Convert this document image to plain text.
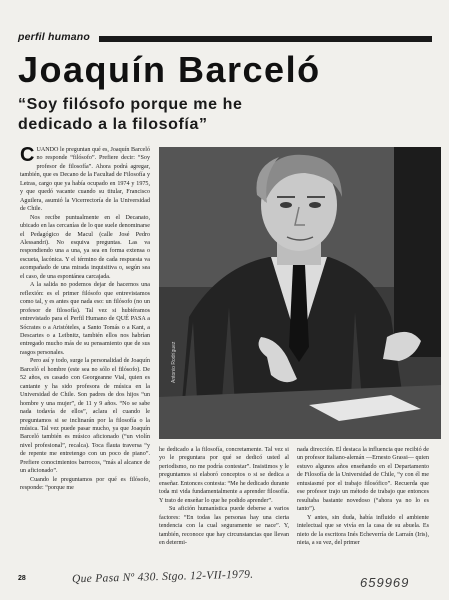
perfil humano
Joaquín Barceló
“Soy filósofo porque me he dedicado a la filosofía”

CUANDO le preguntan qué es, Joaquín Barceló no responde “filósofo”. Prefiere decir: “Soy profesor de filosofía”. Ahora podrá agregar, también, que es Decano de la Facultad de Filosofía y Letras, cargo que ya había ocupado en 1974 y 1975, y que quedó vacante cuando su titular, Francisco Aguilera, asumió la Vicerrectoría de la Universidad de Chile.

Nos recibe puntualmente en el Decanato, ubicado en las cercanías de lo que suele denominarse el Pedagógico de Macul (calle José Pedro Alessandri). No esquiva preguntas. Las va respondiendo una a una, ya sea en forma extensa o escueta, lacónica. Y el término de cada respuesta va acompañado de una mirada inquisitiva o, según sea el caso, de una espontánea carcajada.

A la salida no podemos dejar de hacernos una reflexión: es el primer filósofo que entrevistamos como tal, y es antes que nada eso: un filósofo (no un profesor de filosofía). Tal vez si hubiéramos entrevistado para el Perfil Humano de QUÉ PASA a Sócrates o a Aristóteles, a Santo Tomás o a Kant, a Descartes o a Leibnitz, también ellos nos habrían entregado mucho más de su pensamiento que de sus rasgos personales.

Pero así y todo, surge la personalidad de Joaquín Barceló el hombre (este sea no sólo el filósofo). De 52 años, es casado con Georgeanne Vial, quien es cantante y ha sido profesora de música en la Universidad de Chile. Son padres de dos hijos “un hombre y una mujer”, de 11 y 9 años. “No se sabe nada todavía de ellos”, aclara el cuando le preguntamos si se inclinarán por la filosofía o la música. Tal vez puede pasar mucho, ya que Joaquín Barceló también es músico aficionado (“un violín nivel profesional”, recalca). Toca flauta traversa “y de repente me entretengo con un poco de piano”. Prefiere conocimientos barrocos, “más al alcance de un aficionado”.

Cuando le preguntamos por qué es filósofo, responde: “porque me

Antonio Rodríguez

he dedicado a la filosofía, concretamente. Tal vez si yo le preguntara por qué se dedicó usted al periodismo, no me podría contestar”. Insistimos y le preguntamos si elaboró conceptos o si se dedica a enseñar. Entonces contesta: “Me he dedicado durante toda mi vida fundamentalmente a aprender filosofía. Y trato de enseñar lo que he podido aprender”.

Su afición humanística puede deberse a varios factores: “En todas las personas hay una cierta tendencia con la cual seguramente se nace”. Y, también, reconoce que hay circunstancias que llevan en determi-

nada dirección. El destaca la influencia que recibió de un profesor italiano-alemán —Ernesto Grassi— quien estuvo algunos años enseñando en el Departamento de Filosofía de la Universidad de Chile, “y con él me entusiasmé por el trabajo filosófico”. Recuerda que ese profesor trajo un método de trabajo que entonces resultaba bastante novedoso (“ahora ya no lo es tanto”).

Y antes, sin duda, había influido el ambiente intelectual que se vivía en la casa de su abuela. Es nieto de la escritora Inés Echeverría de Larraín (Iris), nieta, a su vez, del primer

28	Que Pasa Nº 430. Stgo. 12-VII-1979.	659969
